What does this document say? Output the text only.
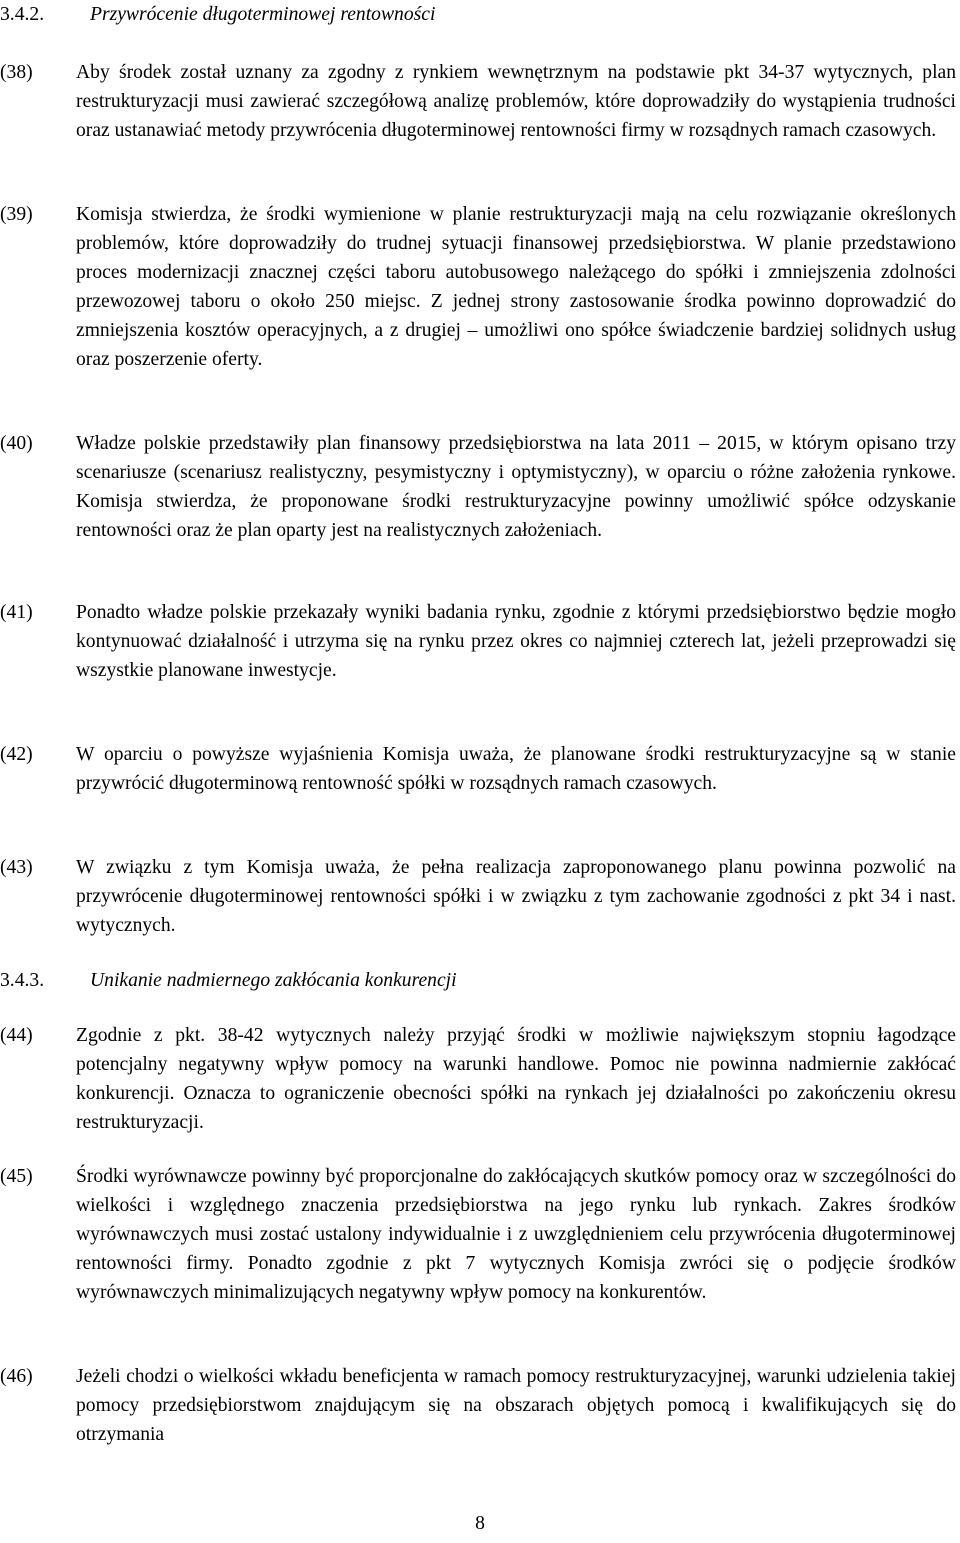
3.4.2. Przywrócenie długoterminowej rentowności
(38) Aby środek został uznany za zgodny z rynkiem wewnętrznym na podstawie pkt 34-37 wytycznych, plan restrukturyzacji musi zawierać szczegółową analizę problemów, które doprowadziły do wystąpienia trudności oraz ustanawiać metody przywrócenia długoterminowej rentowności firmy w rozsądnych ramach czasowych.
(39) Komisja stwierdza, że środki wymienione w planie restrukturyzacji mają na celu rozwiązanie określonych problemów, które doprowadziły do trudnej sytuacji finansowej przedsiębiorstwa. W planie przedstawiono proces modernizacji znacznej części taboru autobusowego należącego do spółki i zmniejszenia zdolności przewozowej taboru o około 250 miejsc. Z jednej strony zastosowanie środka powinno doprowadzić do zmniejszenia kosztów operacyjnych, a z drugiej – umożliwi ono spółce świadczenie bardziej solidnych usług oraz poszerzenie oferty.
(40) Władze polskie przedstawiły plan finansowy przedsiębiorstwa na lata 2011 – 2015, w którym opisano trzy scenariusze (scenariusz realistyczny, pesymistyczny i optymistyczny), w oparciu o różne założenia rynkowe. Komisja stwierdza, że proponowane środki restrukturyzacyjne powinny umożliwić spółce odzyskanie rentowności oraz że plan oparty jest na realistycznych założeniach.
(41) Ponadto władze polskie przekazały wyniki badania rynku, zgodnie z którymi przedsiębiorstwo będzie mogło kontynuować działalność i utrzyma się na rynku przez okres co najmniej czterech lat, jeżeli przeprowadzi się wszystkie planowane inwestycje.
(42) W oparciu o powyższe wyjaśnienia Komisja uważa, że planowane środki restrukturyzacyjne są w stanie przywrócić długoterminową rentowność spółki w rozsądnych ramach czasowych.
(43) W związku z tym Komisja uważa, że pełna realizacja zaproponowanego planu powinna pozwolić na przywrócenie długoterminowej rentowności spółki i w związku z tym zachowanie zgodności z pkt 34 i nast. wytycznych.
3.4.3. Unikanie nadmiernego zakłócania konkurencji
(44) Zgodnie z pkt. 38-42 wytycznych należy przyjąć środki w możliwie największym stopniu łagodzące potencjalny negatywny wpływ pomocy na warunki handlowe. Pomoc nie powinna nadmiernie zakłócać konkurencji. Oznacza to ograniczenie obecności spółki na rynkach jej działalności po zakończeniu okresu restrukturyzacji.
(45) Środki wyrównawcze powinny być proporcjonalne do zakłócających skutków pomocy oraz w szczególności do wielkości i względnego znaczenia przedsiębiorstwa na jego rynku lub rynkach. Zakres środków wyrównawczych musi zostać ustalony indywidualnie i z uwzględnieniem celu przywrócenia długoterminowej rentowności firmy. Ponadto zgodnie z pkt 7 wytycznych Komisja zwróci się o podjęcie środków wyrównawczych minimalizujących negatywny wpływ pomocy na konkurentów.
(46) Jeżeli chodzi o wielkości wkładu beneficjenta w ramach pomocy restrukturyzacyjnej, warunki udzielenia takiej pomocy przedsiębiorstwom znajdującym się na obszarach objętych pomocą i kwalifikujących się do otrzymania
8
